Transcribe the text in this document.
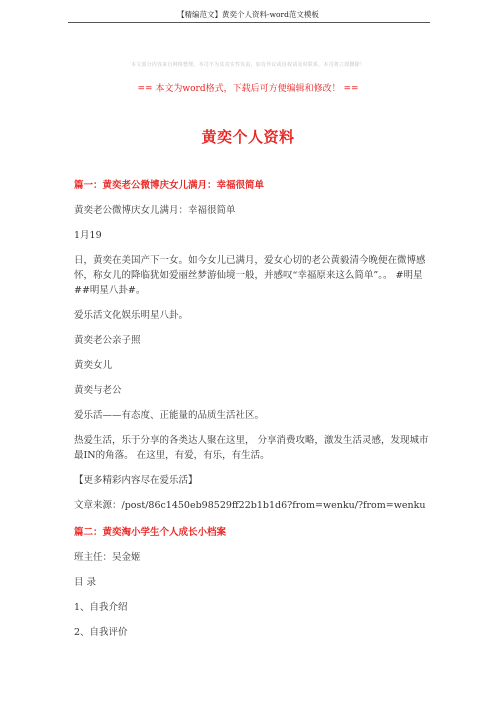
【精编范文】黄奕个人资料-word范文模板
本文部分内容来自网络整理，本司不为其真实性负责，如有异议或侵权请及时联系，本司将立即删除！
== 本文为word格式，下载后可方便编辑和修改！ ==
黄奕个人资料

篇一：黄奕老公微博庆女儿满月：幸福很简单

黄奕老公微博庆女儿满月：幸福很简单

1月19

日，黄奕在美国产下一女。如今女儿已满月，爱女心切的老公黄毅清今晚便在微博感怀，称女儿的降临犹如爱丽丝梦游仙境一般，并感叹“幸福原来这么简单”。。 #明星##明星八卦#。

爱乐活文化娱乐明星八卦。

黄奕老公亲子照

黄奕女儿

黄奕与老公

爱乐活——有态度、正能量的品质生活社区。

热爱生活，乐于分享的各类达人聚在这里， 分享消费攻略，激发生活灵感，发现城市最IN的角落。 在这里，有爱，有乐，有生活。

【更多精彩内容尽在爱乐活】

文章来源：/post/86c1450eb98529ff22b1b1d6?from=wenku/?from=wenku

篇二：黄奕淘小学生个人成长小档案

班主任：吴金姬

目 录

1、自我介绍

2、自我评价
